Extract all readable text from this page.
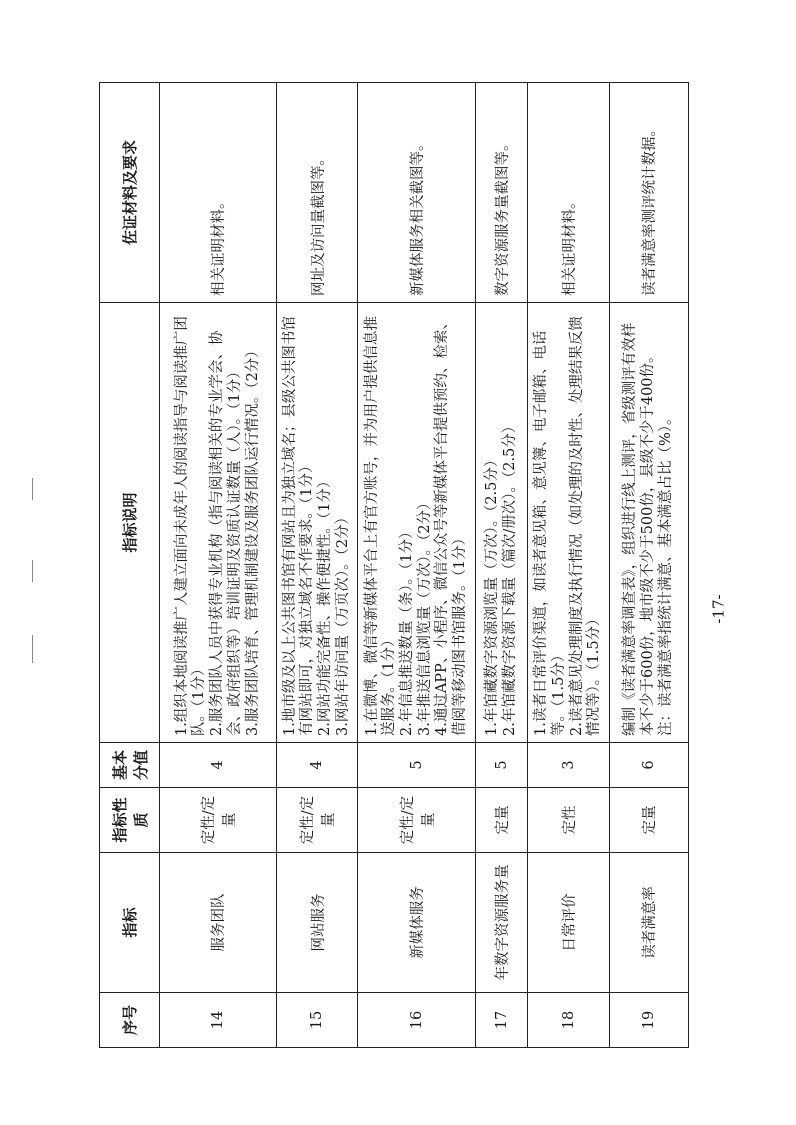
序号	指标	指标性质	基本分值	指标说明	佐证材料及要求
14	服务团队	定性/定量	4	1.组织本地阅读推广人建立面向未成年人的阅读指导与阅读推广团队。（1分） 2.服务团队人员中获得专业机构（指与阅读相关的专业学会、协会、政府组织等）培训证明及资质认证数量（人）。（1分） 3.服务团队培育、管理机制建设及服务团队运行情况。（2分）	相关证明材料。
15	网站服务	定性/定量	4	1.地市级及以上公共图书馆有网站且为独立域名；县级公共图书馆有网站即可，对独立域名不作要求。（1分） 2.网站功能完备性、操作便捷性。（1分） 3.网站年访问量（万页次）。（2分）	网址及访问量截图等。
16	新媒体服务	定性/定量	5	1.在微博、微信等新媒体平台上有官方账号，并为用户提供信息推送服务。（1分） 2.年信息推送数量（条）。（1分） 3.年推送信息浏览量（万次）。（2分） 4.通过APP、小程序、微信公众号等新媒体平台提供预约、检索、借阅等移动图书馆服务。（1分）	新媒体服务相关截图等。
17	年数字资源服务量	定量	5	1.年馆藏数字资源浏览量（万次）。（2.5分） 2.年馆藏数字资源下载量（篇次/册次）。（2.5分）	数字资源服务量截图等。
18	日常评价	定性	3	1.读者日常评价渠道，如读者意见箱、意见簿、电子邮箱、电话等。（1.5分） 2.读者意见处理制度及执行情况（如处理的及时性、处理结果反馈情况等）。（1.5分）	相关证明材料。
19	读者满意率	定量	6	编制《读者满意率调查表》，组织进行线上测评，省级测评有效样本不少于600份，地市级不少于500份，县级不少于400份。 注：读者满意率指统计满意、基本满意占比（%）。	读者满意率测评统计数据。
-17-
